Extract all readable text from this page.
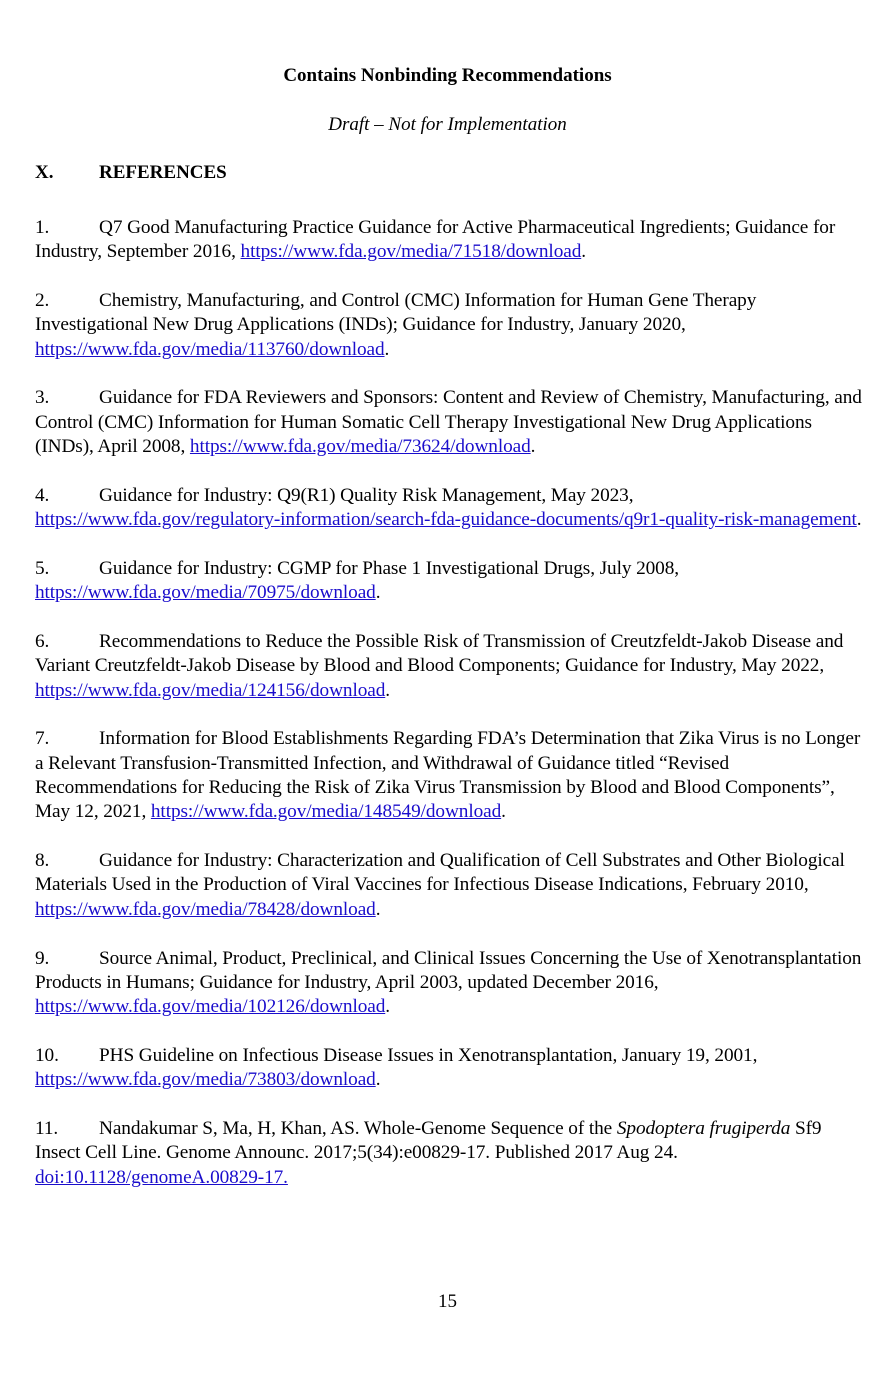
Contains Nonbinding Recommendations
Draft – Not for Implementation
X. REFERENCES

1.	Q7 Good Manufacturing Practice Guidance for Active Pharmaceutical Ingredients; Guidance for Industry, September 2016, https://www.fda.gov/media/71518/download.

2.	Chemistry, Manufacturing, and Control (CMC) Information for Human Gene Therapy Investigational New Drug Applications (INDs); Guidance for Industry, January 2020, https://www.fda.gov/media/113760/download.

3.	Guidance for FDA Reviewers and Sponsors: Content and Review of Chemistry, Manufacturing, and Control (CMC) Information for Human Somatic Cell Therapy Investigational New Drug Applications (INDs), April 2008, https://www.fda.gov/media/73624/download.

4.	Guidance for Industry: Q9(R1) Quality Risk Management, May 2023, https://www.fda.gov/regulatory-information/search-fda-guidance-documents/q9r1-quality-risk-management.

5.	Guidance for Industry: CGMP for Phase 1 Investigational Drugs, July 2008, https://www.fda.gov/media/70975/download.

6.	Recommendations to Reduce the Possible Risk of Transmission of Creutzfeldt-Jakob Disease and Variant Creutzfeldt-Jakob Disease by Blood and Blood Components; Guidance for Industry, May 2022, https://www.fda.gov/media/124156/download.

7.	Information for Blood Establishments Regarding FDA’s Determination that Zika Virus is no Longer a Relevant Transfusion-Transmitted Infection, and Withdrawal of Guidance titled “Revised Recommendations for Reducing the Risk of Zika Virus Transmission by Blood and Blood Components”, May 12, 2021, https://www.fda.gov/media/148549/download.

8.	Guidance for Industry: Characterization and Qualification of Cell Substrates and Other Biological Materials Used in the Production of Viral Vaccines for Infectious Disease Indications, February 2010, https://www.fda.gov/media/78428/download.

9.	Source Animal, Product, Preclinical, and Clinical Issues Concerning the Use of Xenotransplantation Products in Humans; Guidance for Industry, April 2003, updated December 2016, https://www.fda.gov/media/102126/download.

10. PHS Guideline on Infectious Disease Issues in Xenotransplantation, January 19, 2001, https://www.fda.gov/media/73803/download.

11. Nandakumar S, Ma, H, Khan, AS. Whole-Genome Sequence of the Spodoptera frugiperda Sf9 Insect Cell Line. Genome Announc. 2017;5(34):e00829-17. Published 2017 Aug 24. doi:10.1128/genomeA.00829-17.

15
